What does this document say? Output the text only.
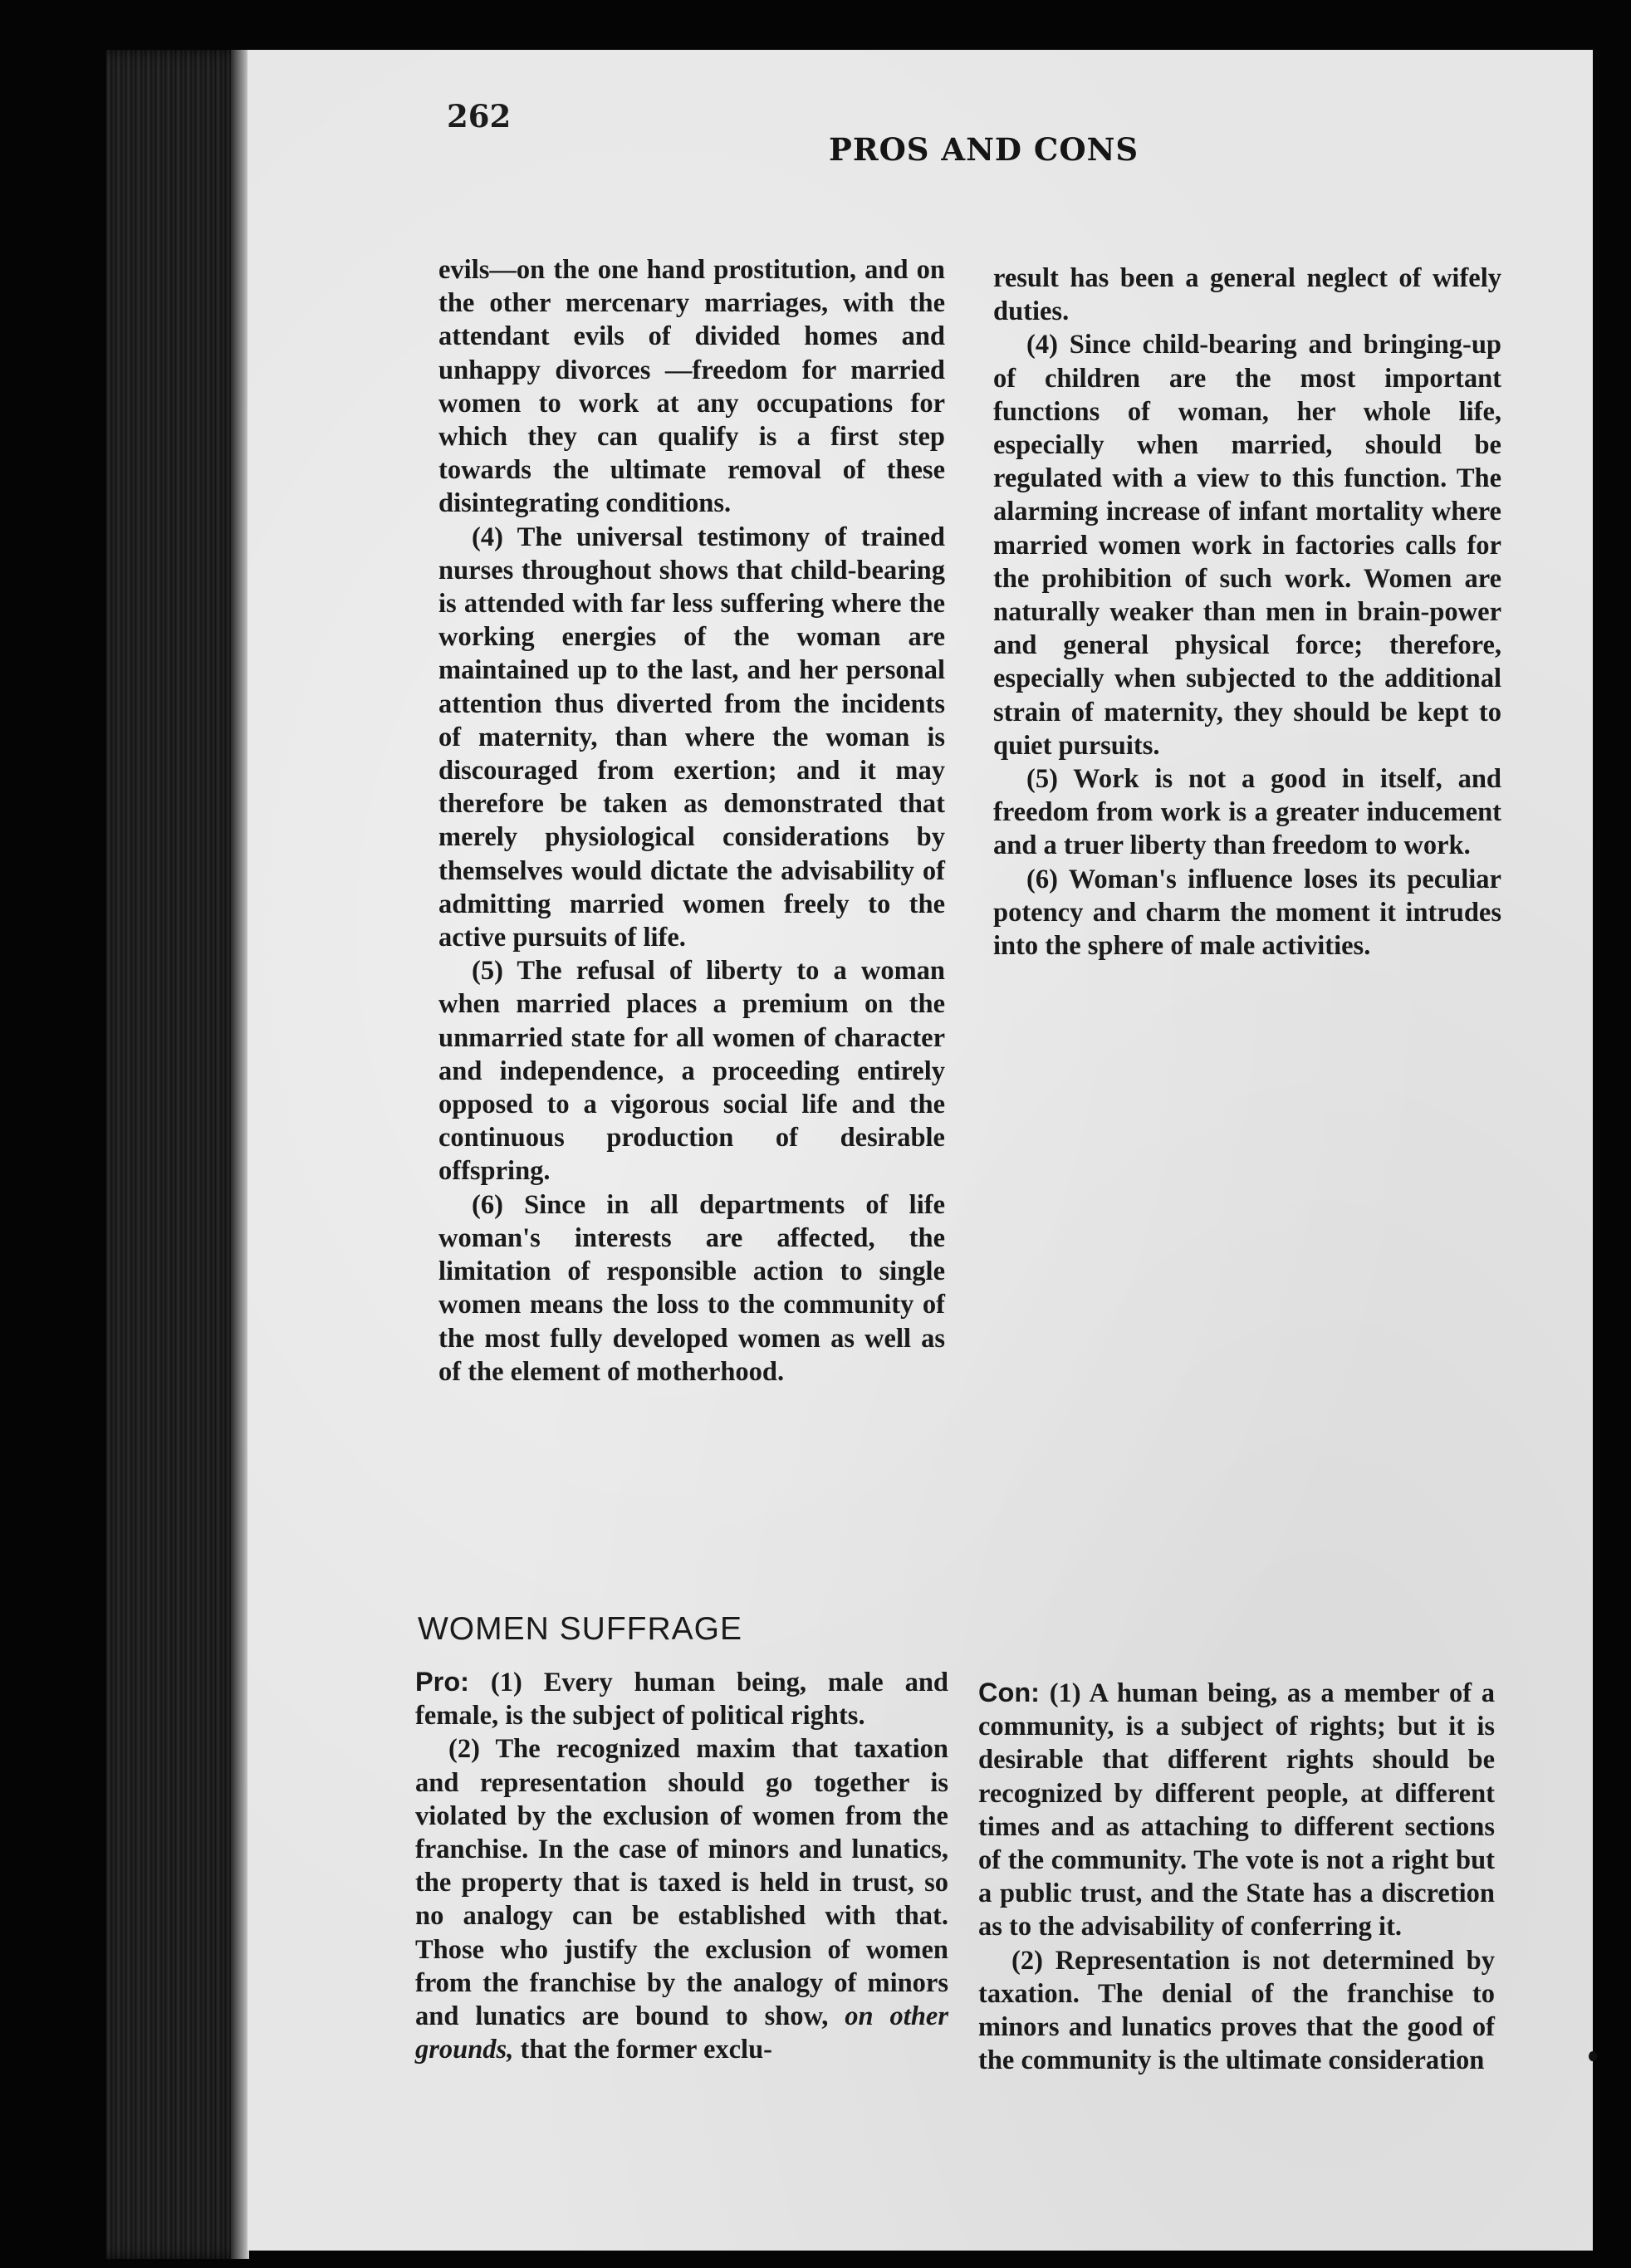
262
PROS AND CONS

evils—on the one hand prostitution, and on the other mercenary marriages, with the attendant evils of divided homes and unhappy divorces —freedom for married women to work at any occupations for which they can qualify is a first step towards the ultimate removal of these disintegrating conditions.

(4) The universal testimony of trained nurses throughout shows that child-bearing is attended with far less suffering where the working energies of the woman are maintained up to the last, and her personal attention thus diverted from the incidents of maternity, than where the woman is discouraged from exertion; and it may therefore be taken as demonstrated that merely physiological considerations by themselves would dictate the advisability of admitting married women freely to the active pursuits of life.

(5) The refusal of liberty to a woman when married places a premium on the unmarried state for all women of character and independence, a proceeding entirely opposed to a vigorous social life and the continuous production of desirable offspring.

(6) Since in all departments of life woman's interests are affected, the limitation of responsible action to single women means the loss to the community of the most fully developed women as well as of the element of motherhood.

result has been a general neglect of wifely duties.

(4) Since child-bearing and bringing-up of children are the most important functions of woman, her whole life, especially when married, should be regulated with a view to this function. The alarming increase of infant mortality where married women work in factories calls for the prohibition of such work. Women are naturally weaker than men in brain-power and general physical force; therefore, especially when subjected to the additional strain of maternity, they should be kept to quiet pursuits.

(5) Work is not a good in itself, and freedom from work is a greater inducement and a truer liberty than freedom to work.

(6) Woman's influence loses its peculiar potency and charm the moment it intrudes into the sphere of male activities.

WOMEN SUFFRAGE

Pro: (1) Every human being, male and female, is the subject of political rights.

(2) The recognized maxim that taxation and representation should go together is violated by the exclusion of women from the franchise. In the case of minors and lunatics, the property that is taxed is held in trust, so no analogy can be established with that. Those who justify the exclusion of women from the franchise by the analogy of minors and lunatics are bound to show, on other grounds, that the former exclu-

Con: (1) A human being, as a member of a community, is a subject of rights; but it is desirable that different rights should be recognized by different people, at different times and as attaching to different sections of the community. The vote is not a right but a public trust, and the State has a discretion as to the advisability of conferring it.

(2) Representation is not determined by taxation. The denial of the franchise to minors and lunatics proves that the good of the community is the ultimate consideration
